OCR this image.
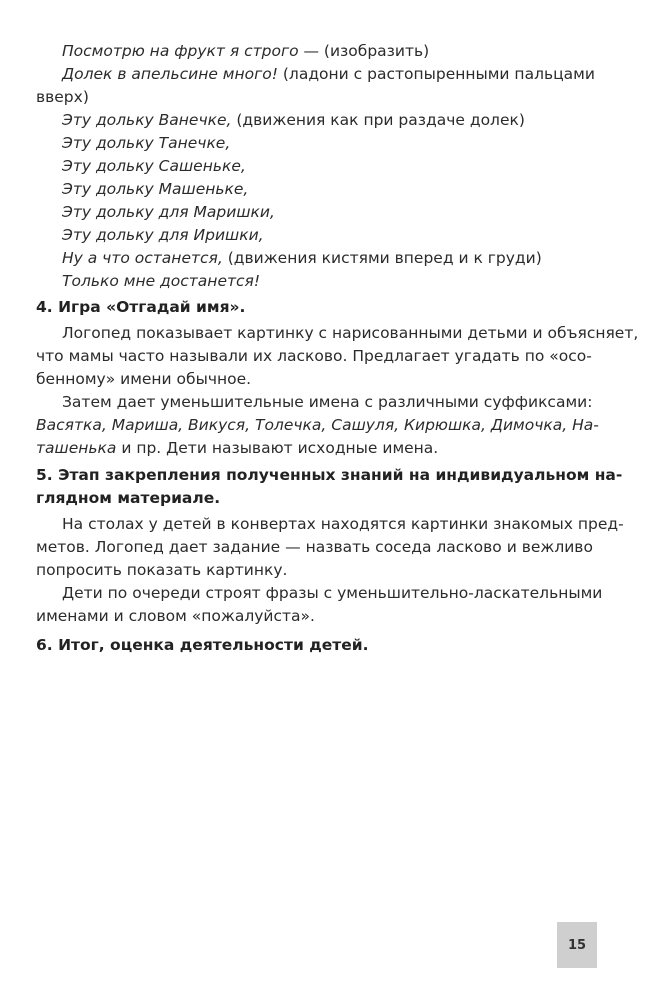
Посмотрю на фрукт я строго — (изобразить)
Долек в апельсине много! (ладони с растопыренными пальцами
вверх)
Эту дольку Ванечке, (движения как при раздаче долек)
Эту дольку Танечке,
Эту дольку Сашеньке,
Эту дольку Машеньке,
Эту дольку для Маришки,
Эту дольку для Иришки,
Ну а что останется, (движения кистями вперед и к груди)
Только мне достанется!
4. Игра «Отгадай имя».
Логопед показывает картинку с нарисованными детьми и объясняет,
что мамы часто называли их ласково. Предлагает угадать по «осо-
бенному» имени обычное.
Затем дает уменьшительные имена с различными суффиксами:
Васятка, Мариша, Викуся, Толечка, Сашуля, Кирюшка, Димочка, На-
ташенька и пр. Дети называют исходные имена.
5. Этап закрепления полученных знаний на индивидуальном на-
глядном материале.
На столах у детей в конвертах находятся картинки знакомых пред-
метов. Логопед дает задание — назвать соседа ласково и вежливо
попросить показать картинку.
Дети по очереди строят фразы с уменьшительно-ласкательными
именами и словом «пожалуйста».
6. Итог, оценка деятельности детей.
15
